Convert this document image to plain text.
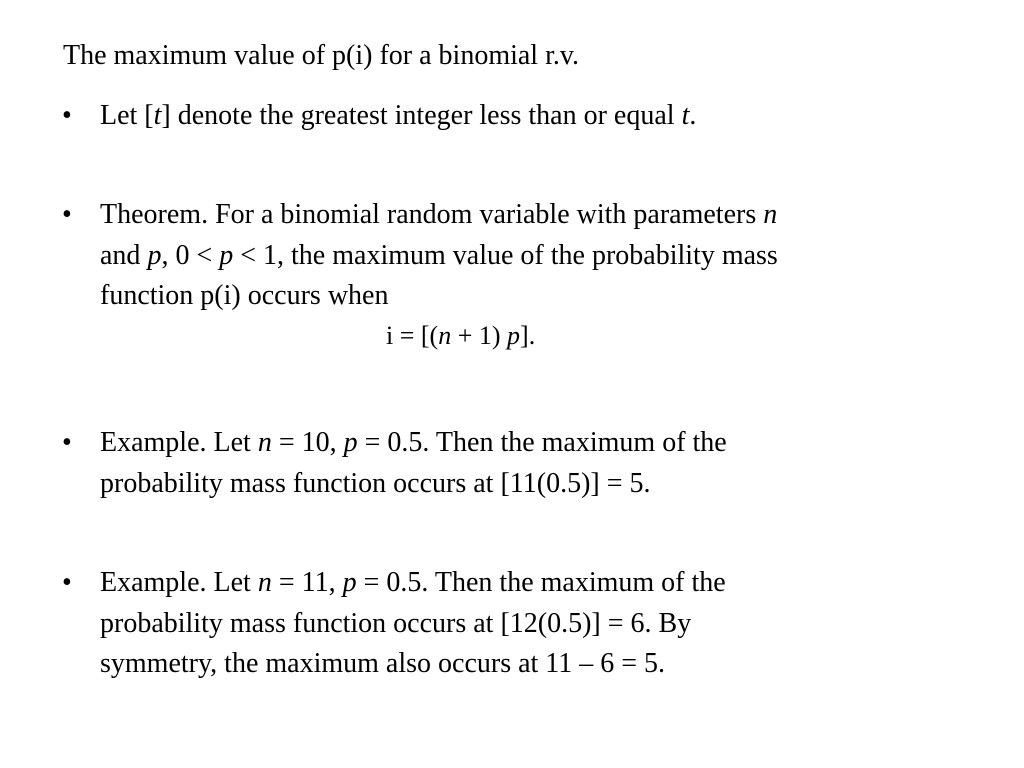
The maximum value of p(i) for a binomial r.v.
•	Let [t] denote the greatest integer less than or equal t.
•	Theorem. For a binomial random variable with parameters n
and p, 0 < p < 1, the maximum value of the probability mass
function p(i) occurs when
i = [(n + 1) p].
•	Example. Let n = 10, p = 0.5. Then the maximum of the
probability mass function occurs at [11(0.5)] = 5.
•	Example. Let n = 11, p = 0.5. Then the maximum of the
probability mass function occurs at [12(0.5)] = 6. By
symmetry, the maximum also occurs at 11 – 6 = 5.
